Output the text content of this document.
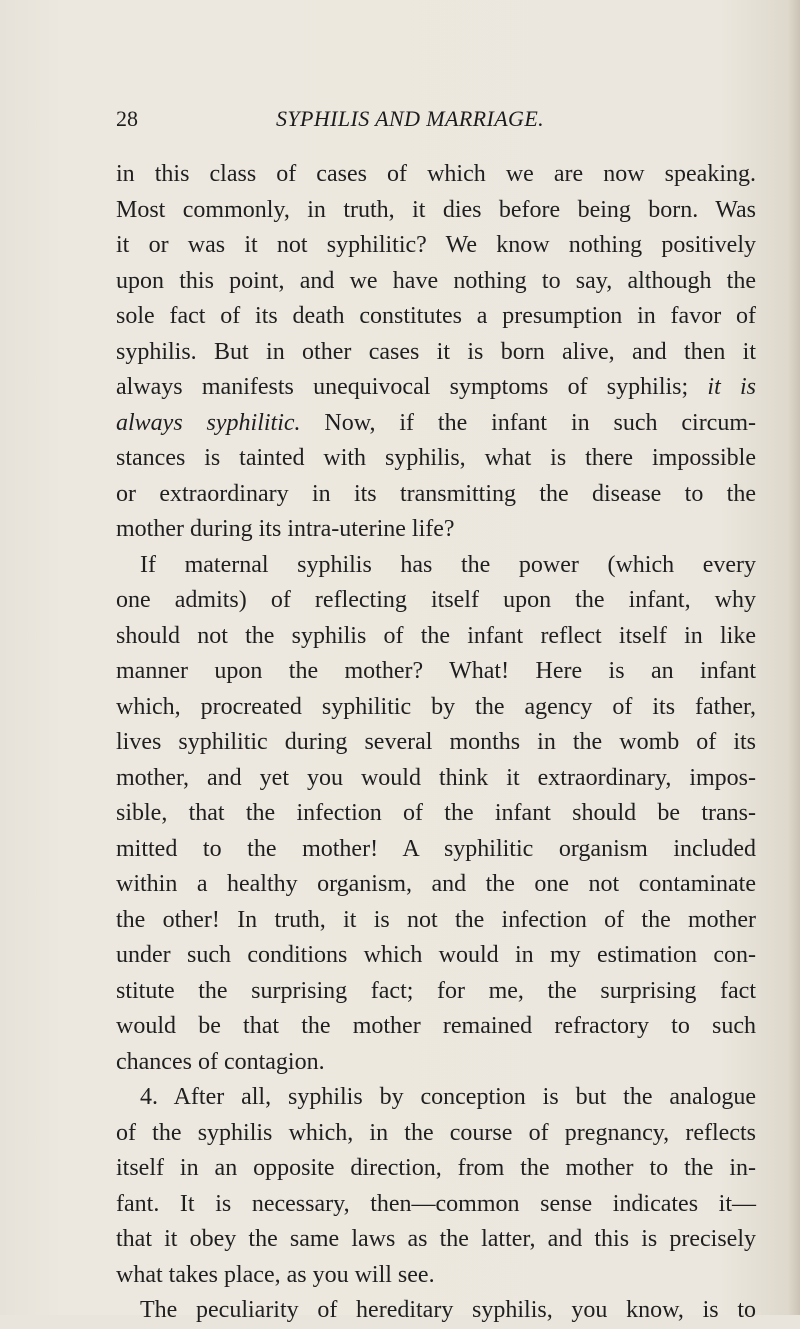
28	SYPHILIS AND MARRIAGE.
in this class of cases of which we are now speaking.
Most commonly, in truth, it dies before being born. Was
it or was it not syphilitic? We know nothing positively
upon this point, and we have nothing to say, although the
sole fact of its death constitutes a presumption in favor of
syphilis. But in other cases it is born alive, and then it
always manifests unequivocal symptoms of syphilis; it is
always syphilitic. Now, if the infant in such circum-
stances is tainted with syphilis, what is there impossible
or extraordinary in its transmitting the disease to the
mother during its intra-uterine life?
If maternal syphilis has the power (which every
one admits) of reflecting itself upon the infant, why
should not the syphilis of the infant reflect itself in like
manner upon the mother? What! Here is an infant
which, procreated syphilitic by the agency of its father,
lives syphilitic during several months in the womb of its
mother, and yet you would think it extraordinary, impos-
sible, that the infection of the infant should be trans-
mitted to the mother! A syphilitic organism included
within a healthy organism, and the one not contaminate
the other! In truth, it is not the infection of the mother
under such conditions which would in my estimation con-
stitute the surprising fact; for me, the surprising fact
would be that the mother remained refractory to such
chances of contagion.
4. After all, syphilis by conception is but the analogue
of the syphilis which, in the course of pregnancy, reflects
itself in an opposite direction, from the mother to the in-
fant. It is necessary, then—common sense indicates it—
that it obey the same laws as the latter, and this is precisely
what takes place, as you will see.
The peculiarity of hereditary syphilis, you know, is to
